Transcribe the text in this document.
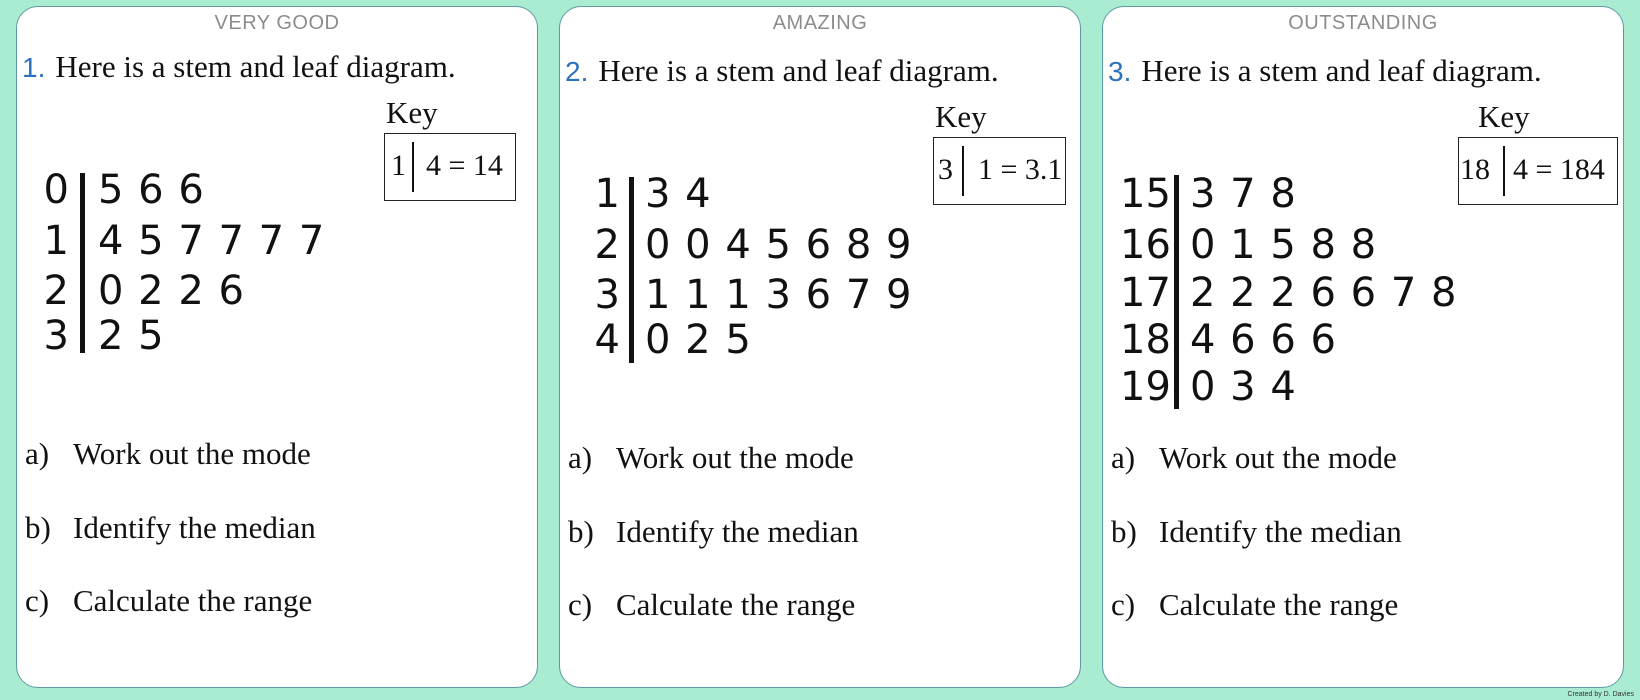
VERY GOOD
1. Here is a stem and leaf diagram.
Key
1 4 = 14
0 5 6 6
1 4 5 7 7 7 7
2 0 2 2 6
3 2 5
a) Work out the mode
b) Identify the median
c) Calculate the range
AMAZING
2. Here is a stem and leaf diagram.
Key
3 1 = 3.1
1 3 4
2 0 0 4 5 6 8 9
3 1 1 1 3 6 7 9
4 0 2 5
a) Work out the mode
b) Identify the median
c) Calculate the range
OUTSTANDING
3. Here is a stem and leaf diagram.
Key
18 4 = 184
15 3 7 8
16 0 1 5 8 8
17 2 2 2 6 6 7 8
18 4 6 6 6
19 0 3 4
a) Work out the mode
b) Identify the median
c) Calculate the range
Created by D. Davies
